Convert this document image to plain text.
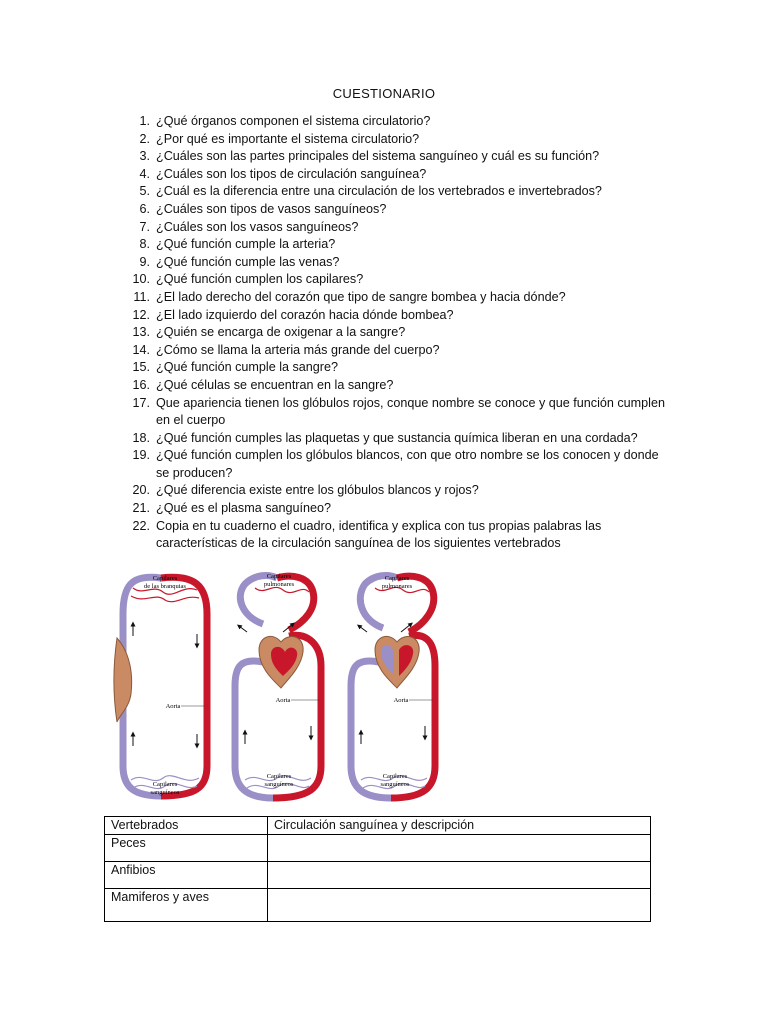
CUESTIONARIO
1. ¿Qué órganos componen el sistema circulatorio?
2. ¿Por qué es importante el sistema circulatorio?
3. ¿Cuáles son las partes principales del sistema sanguíneo y cuál es su función?
4. ¿Cuáles son los tipos de circulación sanguínea?
5. ¿Cuál es la diferencia entre una circulación de los vertebrados e invertebrados?
6. ¿Cuáles son tipos de vasos sanguíneos?
7. ¿Cuáles son los vasos sanguíneos?
8. ¿Qué función cumple la arteria?
9. ¿Qué función cumple las venas?
10. ¿Qué función cumplen los capilares?
11. ¿El lado derecho del corazón que tipo de sangre bombea y hacia dónde?
12. ¿El lado izquierdo del corazón hacia dónde bombea?
13. ¿Quién se encarga de oxigenar a la sangre?
14. ¿Cómo se llama la arteria más grande del cuerpo?
15. ¿Qué función cumple la sangre?
16. ¿Qué células se encuentran en la sangre?
17. Que apariencia tienen los glóbulos rojos, conque nombre se conoce y que función cumplen en el cuerpo
18. ¿Qué función cumples las plaquetas y que sustancia química liberan en una cordada?
19. ¿Qué función cumplen los glóbulos blancos, con que otro nombre se los conocen y donde se producen?
20. ¿Qué diferencia existe entre los glóbulos blancos y rojos?
21. ¿Qué es el plasma sanguíneo?
22. Copia en tu cuaderno el cuadro, identifica y explica con tus propias palabras las características de la circulación sanguínea de los siguientes vertebrados
Capilares
de las branquias
Aorta
Capilares
sanguíneos
Capilares
pulmonares
Aorta
Capilares
sanguíneos
Capilares
pulmonares
Aorta
Capilares
sanguíneos
Vertebrados	Circulación sanguínea y descripción
Peces	
Anfibios	
Mamiferos y aves	
